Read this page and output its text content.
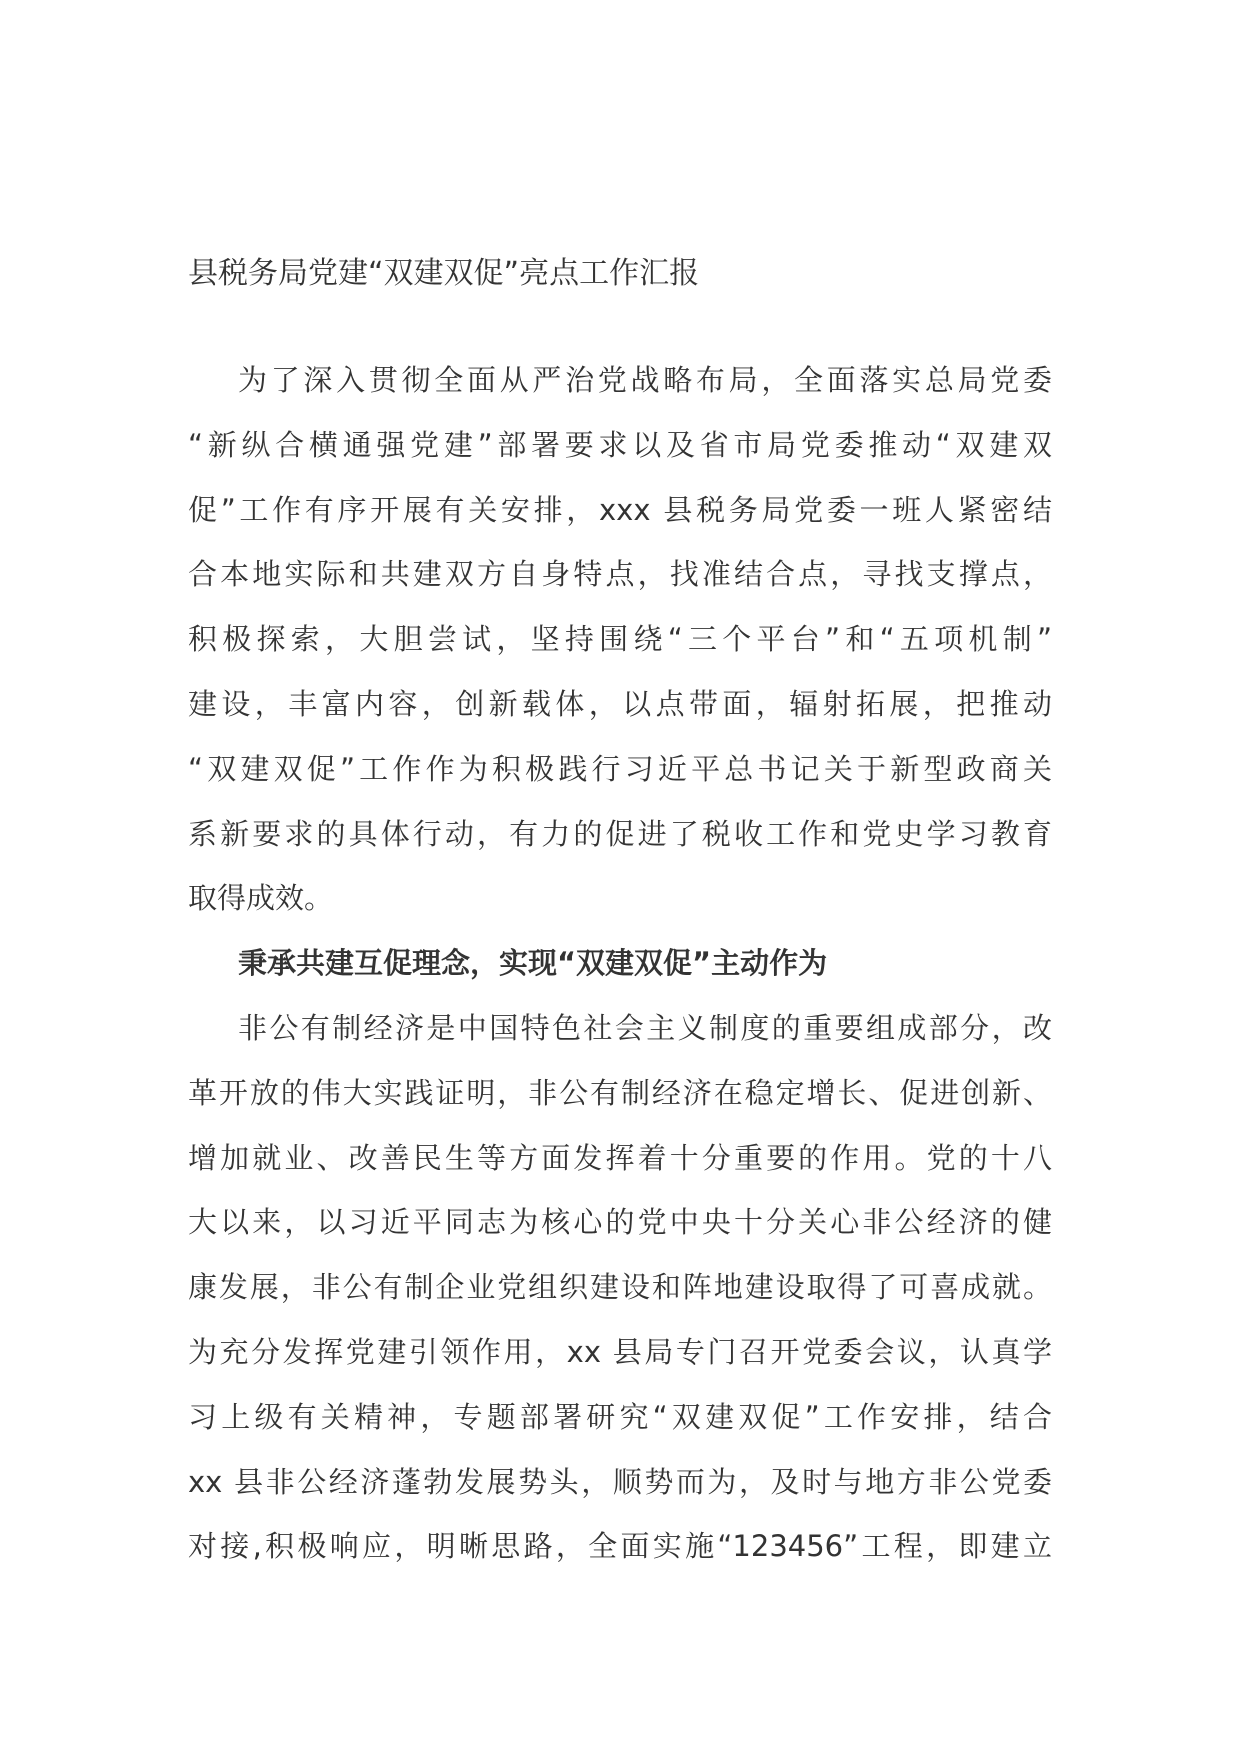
县税务局党建“双建双促”亮点工作汇报
为了深入贯彻全面从严治党战略布局，全面落实总局党委
“新纵合横通强党建”部署要求以及省市局党委推动“双建双
促”工作有序开展有关安排，xxx 县税务局党委一班人紧密结
合本地实际和共建双方自身特点，找准结合点，寻找支撑点，
积极探索，大胆尝试，坚持围绕“三个平台”和“五项机制”
建设，丰富内容，创新载体，以点带面，辐射拓展，把推动
“双建双促”工作作为积极践行习近平总书记关于新型政商关
系新要求的具体行动，有力的促进了税收工作和党史学习教育
取得成效。
秉承共建互促理念，实现“双建双促”主动作为
非公有制经济是中国特色社会主义制度的重要组成部分，改
革开放的伟大实践证明，非公有制经济在稳定增长、促进创新、
增加就业、改善民生等方面发挥着十分重要的作用。党的十八
大以来，以习近平同志为核心的党中央十分关心非公经济的健
康发展，非公有制企业党组织建设和阵地建设取得了可喜成就。
为充分发挥党建引领作用，xx 县局专门召开党委会议，认真学
习上级有关精神，专题部署研究“双建双促”工作安排，结合
xx 县非公经济蓬勃发展势头，顺势而为，及时与地方非公党委
对接,积极响应，明晰思路，全面实施“123456”工程，即建立
